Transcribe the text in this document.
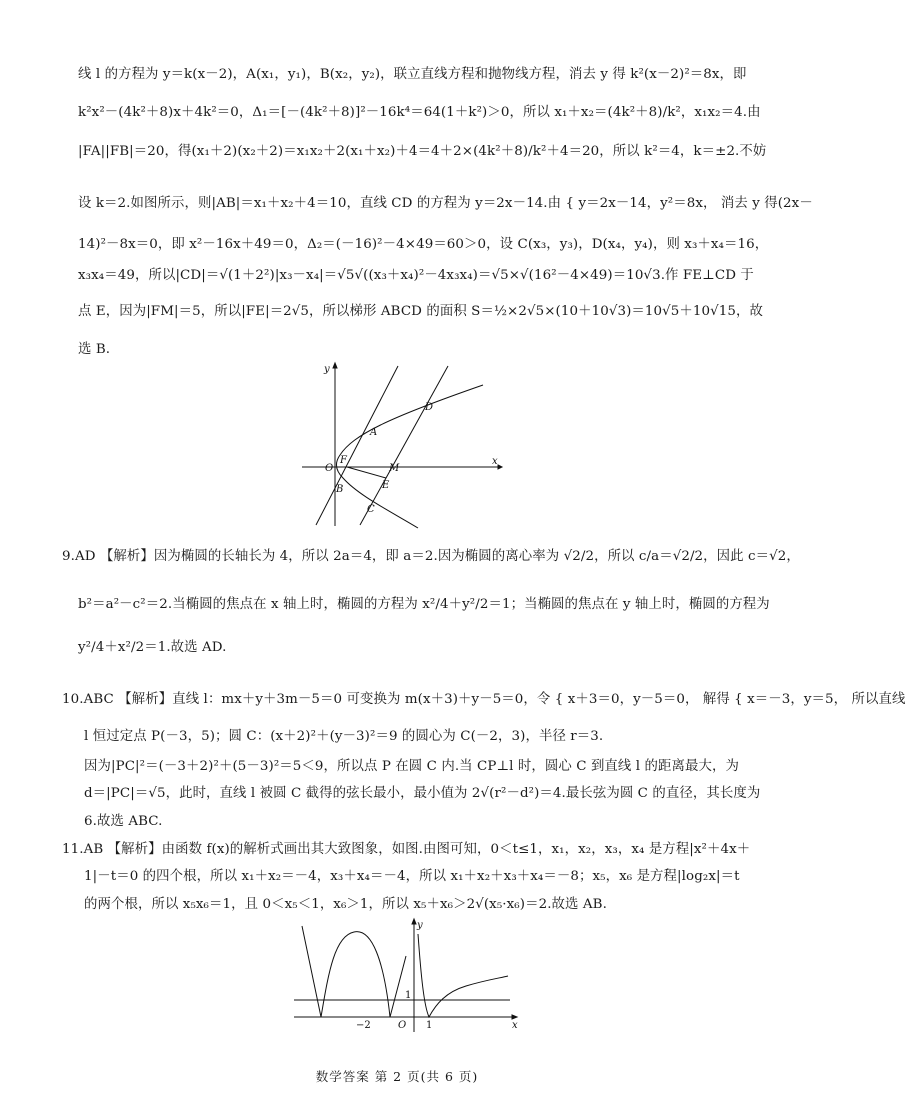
线 l 的方程为 y＝k(x－2)，A(x₁，y₁)，B(x₂，y₂)，联立直线方程和抛物线方程，消去 y 得 k²(x－2)²＝8x，即
k²x²－(4k²＋8)x＋4k²＝0，Δ₁＝[－(4k²＋8)]²－16k⁴＝64(1＋k²)＞0，所以 x₁＋x₂＝(4k²＋8)/k²，x₁x₂＝4.由
|FA||FB|＝20，得(x₁＋2)(x₂＋2)＝x₁x₂＋2(x₁＋x₂)＋4＝4＋2×(4k²＋8)/k²＋4＝20，所以 k²＝4，k＝±2.不妨
设 k＝2.如图所示，则|AB|＝x₁＋x₂＋4＝10，直线 CD 的方程为 y＝2x－14.由 { y＝2x－14，y²＝8x， 消去 y 得(2x－
14)²－8x＝0，即 x²－16x＋49＝0，Δ₂＝(－16)²－4×49＝60＞0，设 C(x₃，y₃)，D(x₄，y₄)，则 x₃＋x₄＝16，
x₃x₄＝49，所以|CD|＝√(1＋2²)|x₃－x₄|＝√5√((x₃＋x₄)²－4x₃x₄)＝√5×√(16²－4×49)＝10√3.作 FE⊥CD 于
点 E，因为|FM|＝5，所以|FE|＝2√5，所以梯形 ABCD 的面积 S＝½×2√5×(10＋10√3)＝10√5＋10√15，故
选 B.
y
x
O
F
M
A
B
C
D
E
9.AD 【解析】因为椭圆的长轴长为 4，所以 2a＝4，即 a＝2.因为椭圆的离心率为 √2/2，所以 c/a＝√2/2，因此 c＝√2，
b²＝a²－c²＝2.当椭圆的焦点在 x 轴上时，椭圆的方程为 x²/4＋y²/2＝1；当椭圆的焦点在 y 轴上时，椭圆的方程为
y²/4＋x²/2＝1.故选 AD.
10.ABC 【解析】直线 l：mx＋y＋3m－5＝0 可变换为 m(x＋3)＋y－5＝0，令 { x＋3＝0，y－5＝0， 解得 { x＝－3，y＝5， 所以直线
l 恒过定点 P(－3，5)；圆 C：(x＋2)²＋(y－3)²＝9 的圆心为 C(－2，3)，半径 r＝3.
因为|PC|²＝(－3＋2)²＋(5－3)²＝5＜9，所以点 P 在圆 C 内.当 CP⊥l 时，圆心 C 到直线 l 的距离最大，为
d＝|PC|＝√5，此时，直线 l 被圆 C 截得的弦长最小，最小值为 2√(r²－d²)＝4.最长弦为圆 C 的直径，其长度为
6.故选 ABC.
11.AB 【解析】由函数 f(x)的解析式画出其大致图象，如图.由图可知，0＜t≤1，x₁，x₂，x₃，x₄ 是方程|x²＋4x＋
1|－t＝0 的四个根，所以 x₁＋x₂＝－4，x₃＋x₄＝－4，所以 x₁＋x₂＋x₃＋x₄＝－8；x₅，x₆ 是方程|log₂x|＝t
的两个根，所以 x₅x₆＝1，且 0＜x₅＜1，x₆＞1，所以 x₅＋x₆＞2√(x₅·x₆)＝2.故选 AB.
y
x
O 1
1
−2
数学答案 第 2 页(共 6 页)
